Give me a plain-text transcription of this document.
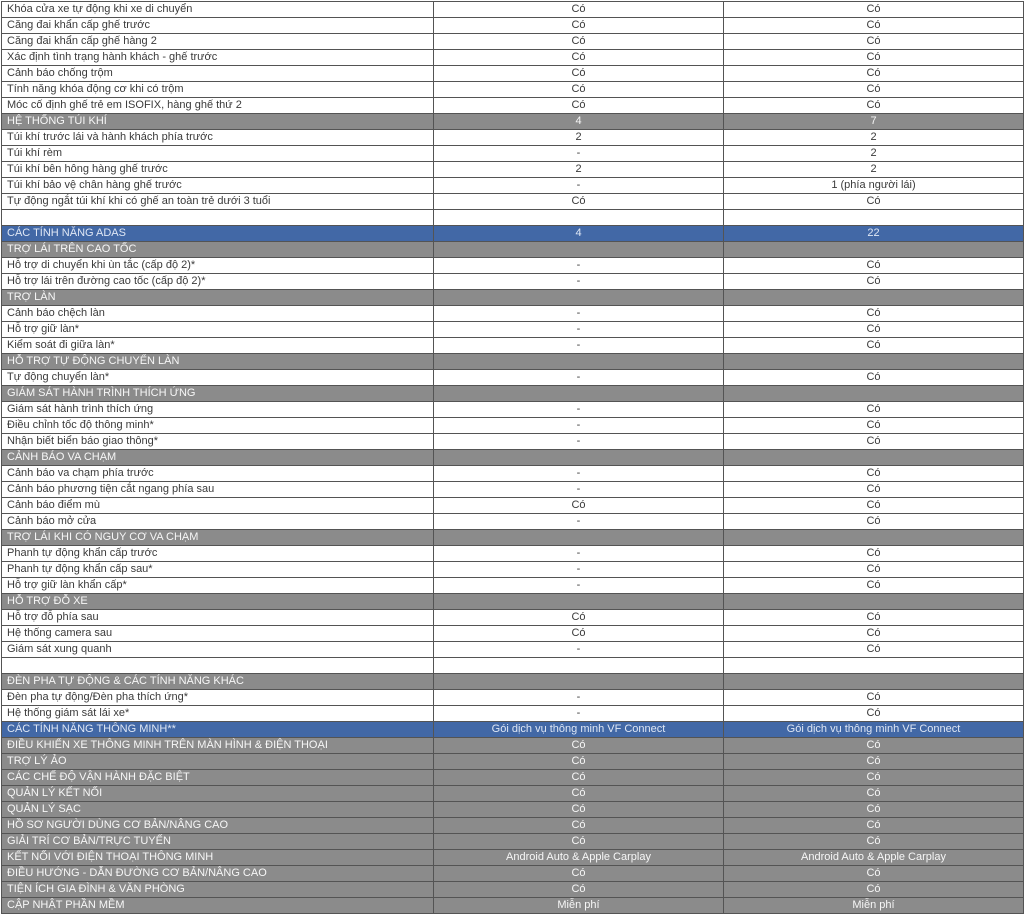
Khóa cửa xe tự động khi xe di chuyển	Có	Có
Căng đai khẩn cấp ghế trước	Có	Có
Căng đai khẩn cấp ghế hàng 2	Có	Có
Xác định tình trạng hành khách - ghế trước	Có	Có
Cảnh báo chống trộm	Có	Có
Tính năng khóa động cơ khi có trộm	Có	Có
Móc cố định ghế trẻ em ISOFIX, hàng ghế thứ 2	Có	Có
HỆ THỐNG TÚI KHÍ	4	7
Túi khí trước lái và hành khách phía trước	2	2
Túi khí rèm	-	2
Túi khí bên hông hàng ghế trước	2	2
Túi khí bảo vệ chân hàng ghế trước	-	1 (phía người lái)
Tự động ngắt túi khí khi có ghế an toàn trẻ dưới 3 tuổi	Có	Có

CÁC TÍNH NĂNG ADAS	4	22
TRỢ LÁI TRÊN CAO TỐC		
Hỗ trợ di chuyển khi ùn tắc (cấp độ 2)*	-	Có
Hỗ trợ lái trên đường cao tốc (cấp độ 2)*	-	Có
TRỢ LÀN		
Cảnh báo chệch làn	-	Có
Hỗ trợ giữ làn*	-	Có
Kiểm soát đi giữa làn*	-	Có
HỖ TRỢ TỰ ĐỘNG CHUYỂN LÀN		
Tự động chuyển làn*	-	Có
GIÁM SÁT HÀNH TRÌNH THÍCH ỨNG		
Giám sát hành trình thích ứng	-	Có
Điều chỉnh tốc độ thông minh*	-	Có
Nhận biết biển báo giao thông*	-	Có
CẢNH BÁO VA CHẠM		
Cảnh báo va chạm phía trước	-	Có
Cảnh báo phương tiện cắt ngang phía sau	-	Có
Cảnh báo điểm mù	Có	Có
Cảnh báo mở cửa	-	Có
TRỢ LÁI KHI CÓ NGUY CƠ VA CHẠM		
Phanh tự động khẩn cấp trước	-	Có
Phanh tự động khẩn cấp sau*	-	Có
Hỗ trợ giữ làn khẩn cấp*	-	Có
HỖ TRỢ ĐỖ XE		
Hỗ trợ đỗ phía sau	Có	Có
Hệ thống camera sau	Có	Có
Giám sát xung quanh	-	Có

ĐÈN PHA TỰ ĐỘNG & CÁC TÍNH NĂNG KHÁC		
Đèn pha tự động/Đèn pha thích ứng*	-	Có
Hệ thống giám sát lái xe*	-	Có
CÁC TÍNH NĂNG THÔNG MINH**	Gói dịch vụ thông minh VF Connect	Gói dịch vụ thông minh VF Connect
ĐIỀU KHIỂN XE THÔNG MINH TRÊN MÀN HÌNH & ĐIỆN THOẠI	Có	Có
TRỢ LÝ ẢO	Có	Có
CÁC CHẾ ĐỘ VẬN HÀNH ĐẶC BIỆT	Có	Có
QUẢN LÝ KẾT NỐI	Có	Có
QUẢN LÝ SẠC	Có	Có
HỒ SƠ NGƯỜI DÙNG CƠ BẢN/NÂNG CAO	Có	Có
GIẢI TRÍ CƠ BẢN/TRỰC TUYẾN	Có	Có
KẾT NỐI VỚI ĐIỆN THOẠI THÔNG MINH	Android Auto & Apple Carplay	Android Auto & Apple Carplay
ĐIỀU HƯỚNG - DẪN ĐƯỜNG CƠ BẢN/NÂNG CAO	Có	Có
TIỆN ÍCH GIA ĐÌNH & VĂN PHÒNG	Có	Có
CẬP NHẬT PHẦN MỀM	Miễn phí	Miễn phí
